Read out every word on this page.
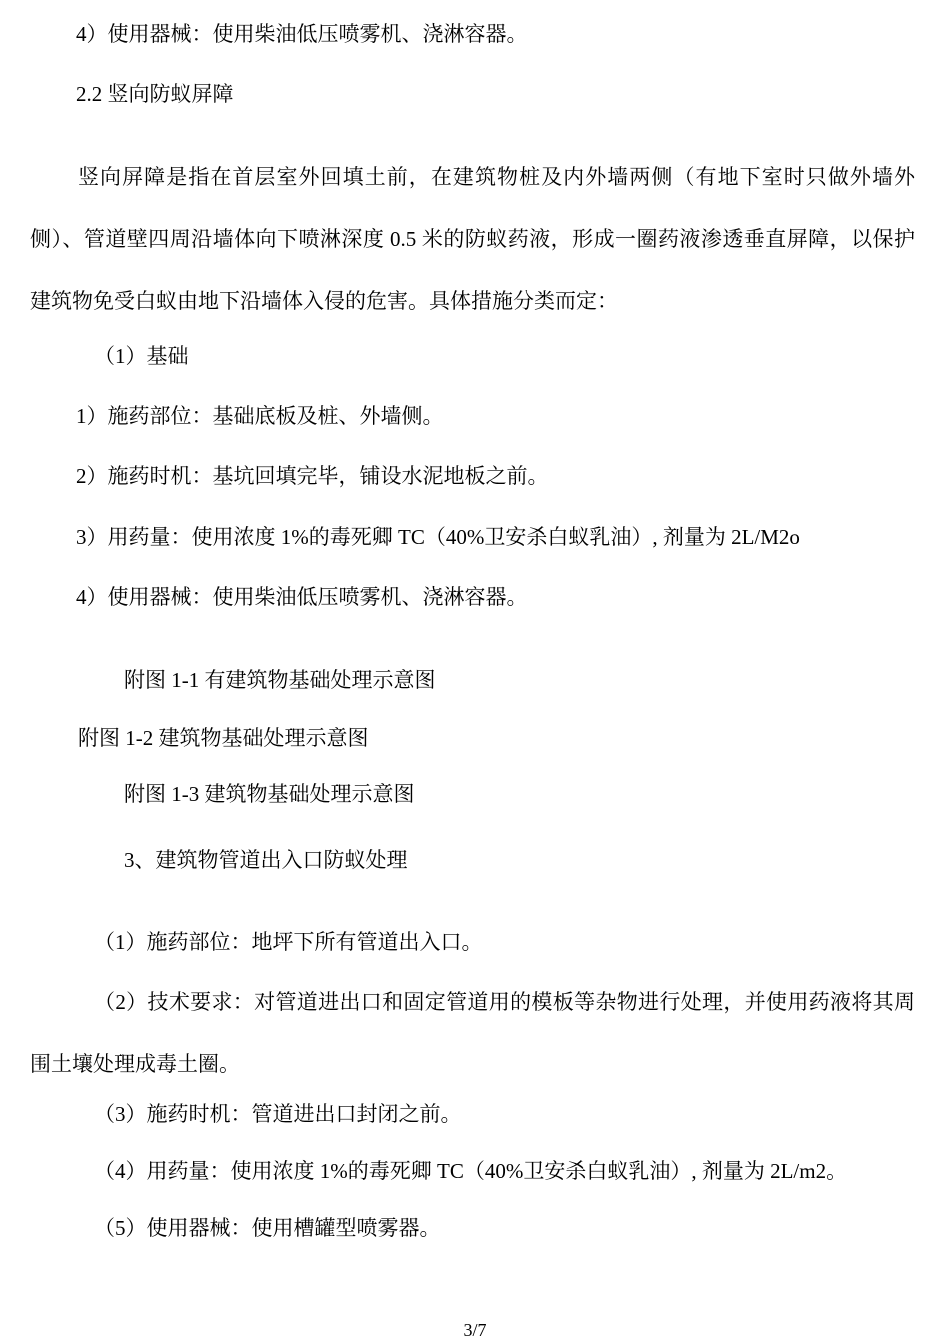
4）使用器械：使用柴油低压喷雾机、浇淋容器。
2.2 竖向防蚁屏障

竖向屏障是指在首层室外回填土前，在建筑物桩及内外墙两侧（有地下室时只做外墙外侧）、管道壁四周沿墙体向下喷淋深度 0.5 米的防蚁药液，形成一圈药液渗透垂直屏障，以保护建筑物免受白蚁由地下沿墙体入侵的危害。具体措施分类而定：

（1）基础
1）施药部位：基础底板及桩、外墙侧。
2）施药时机：基坑回填完毕，铺设水泥地板之前。
3）用药量：使用浓度 1%的毒死卿 TC（40%卫安杀白蚁乳油）, 剂量为 2L/M2o
4）使用器械：使用柴油低压喷雾机、浇淋容器。
附图 1-1 有建筑物基础处理示意图
附图 1-2 建筑物基础处理示意图
附图 1-3 建筑物基础处理示意图
3、建筑物管道出入口防蚁处理
（1）施药部位：地坪下所有管道出入口。

（2）技术要求：对管道进出口和固定管道用的模板等杂物进行处理，并使用药液将其周围土壤处理成毒土圈。

（3）施药时机：管道进出口封闭之前。
（4）用药量：使用浓度 1%的毒死卿 TC（40%卫安杀白蚁乳油）, 剂量为 2L/m2。
（5）使用器械：使用槽罐型喷雾器。
3/7
